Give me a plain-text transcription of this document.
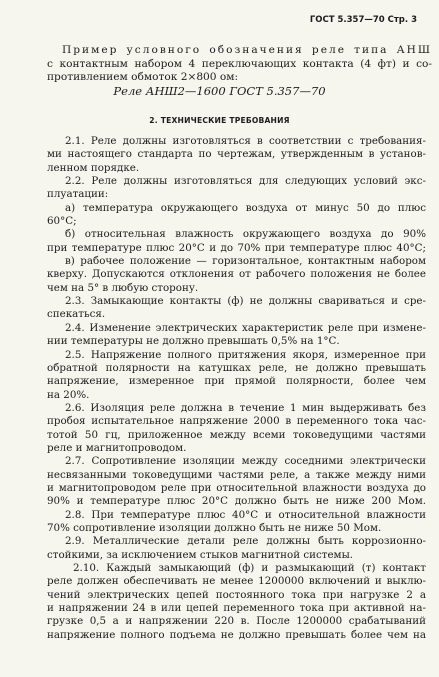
ГОСТ 5.357—70 Стр. 3
Пример условного обозначения реле типа АНШ
с контактным набором 4 переключающих контакта (4 фт) и со-
противлением обмоток 2×800 ом:
Реле АНШ2—1600 ГОСТ 5.357—70
2. ТЕХНИЧЕСКИЕ ТРЕБОВАНИЯ
2.1. Реле должны изготовляться в соответствии с требования-
ми настоящего стандарта по чертежам, утвержденным в установ-
ленном порядке.
2.2. Реле должны изготовляться для следующих условий экс-
плуатации:
а) температура окружающего воздуха от минус 50 до плюс
60°С;
б) относительная влажность окружающего воздуха до 90%
при температуре плюс 20°С и до 70% при температуре плюс 40°С;
в) рабочее положение — горизонтальное, контактным набором
кверху. Допускаются отклонения от рабочего положения не более
чем на 5° в любую сторону.
2.3. Замыкающие контакты (ф) не должны свариваться и сре-
спекаться.
2.4. Изменение электрических характеристик реле при измене-
нии температуры не должно превышать 0,5% на 1°С.
2.5. Напряжение полного притяжения якоря, измеренное при
обратной полярности на катушках реле, не должно превышать
напряжение, измеренное при прямой полярности, более чем
на 20%.
2.6. Изоляция реле должна в течение 1 мин выдерживать без
пробоя испытательное напряжение 2000 в переменного тока час-
тотой 50 гц, приложенное между всеми токоведущими частями
реле и магнитопроводом.
2.7. Сопротивление изоляции между соседними электрически
несвязанными токоведущими частями реле, а также между ними
и магнитопроводом реле при относительной влажности воздуха до
90% и температуре плюс 20°С должно быть не ниже 200 Мом.
2.8. При температуре плюс 40°С и относительной влажности
70% сопротивление изоляции должно быть не ниже 50 Мом.
2.9. Металлические детали реле должны быть коррозионно-
стойкими, за исключением стыков магнитной системы.
2.10. Каждый замыкающий (ф) и размыкающий (т) контакт
реле должен обеспечивать не менее 1200000 включений и выклю-
чений электрических цепей постоянного тока при нагрузке 2 а
и напряжении 24 в или цепей переменного тока при активной на-
грузке 0,5 а и напряжении 220 в. После 1200000 срабатываний
напряжение полного подъема не должно превышать более чем на
